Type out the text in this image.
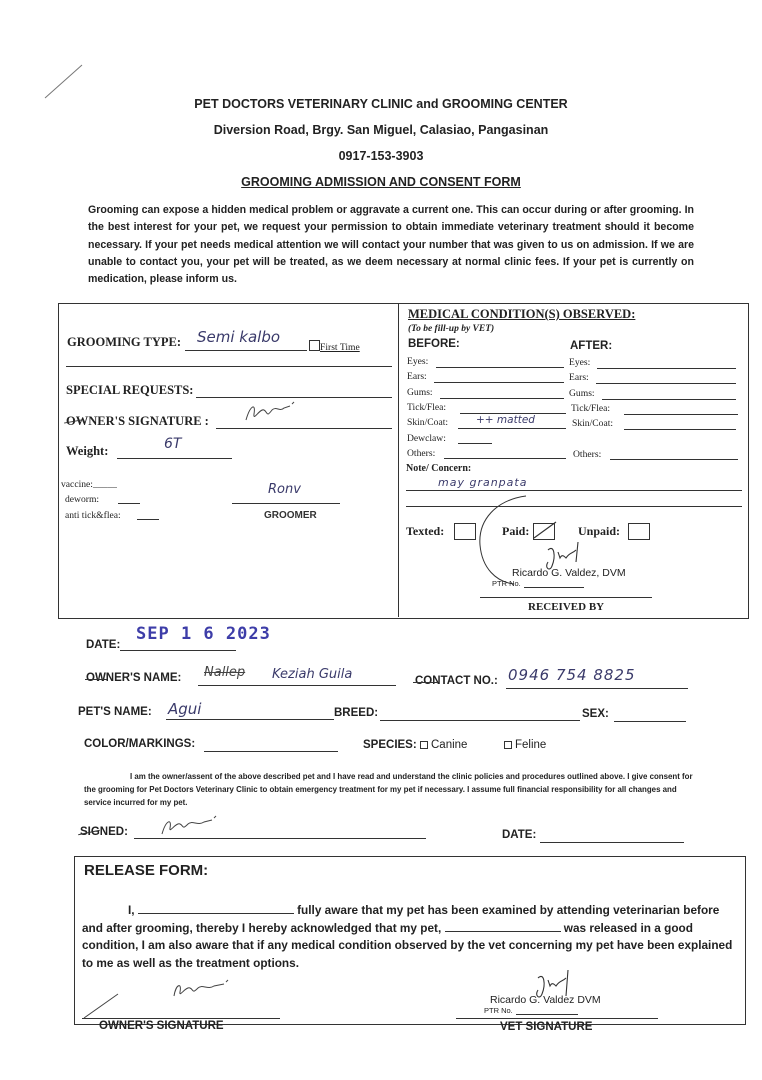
PET DOCTORS VETERINARY CLINIC and GROOMING CENTER
Diversion Road, Brgy. San Miguel, Calasiao, Pangasinan
0917-153-3903
GROOMING ADMISSION AND CONSENT FORM
Grooming can expose a hidden medical problem or aggravate a current one. This can occur during or after grooming. In the best interest for your pet, we request your permission to obtain immediate veterinary treatment should it become necessary. If your pet needs medical attention we will contact your number that was given to us on admission. If we are unable to contact you, your pet will be treated, as we deem necessary at normal clinic fees. If your pet is currently on medication, please inform us.
GROOMING TYPE: Semi kalbo
First Time
SPECIAL REQUESTS:
OWNER'S SIGNATURE :
Weight:	6T
vaccine:_____
deworm:
anti tick&flea:
Ronv
GROOMER
MEDICAL CONDITION(S) OBSERVED:
(To be fill-up by VET)
BEFORE:	AFTER:
Eyes:	Eyes:
Ears:	Ears:
Gums:	Gums:
Tick/Flea:	Tick/Flea:
Skin/Coat:	++ matted	Skin/Coat:
Dewclaw:
Others:	Others:
Note/ Concern:
may granpata
Texted:	Paid:	Unpaid:
Ricardo G. Valdez, DVM
PTR No.
RECEIVED BY
DATE:
SEP 1 6 2023
OWNER'S NAME: Nallep Keziah Guila	CONTACT NO.: 0946 754 8825
PET'S NAME: Agui	BREED:	SEX:
COLOR/MARKINGS:	SPECIES:	Canine	Feline
I am the owner/assent of the above described pet and I have read and understand the clinic policies and procedures outlined above. I give consent for the grooming for Pet Doctors Veterinary Clinic to obtain emergency treatment for my pet if necessary. I assume full financial responsibility for all changes and service incurred for my pet.
SIGNED:	DATE:
RELEASE FORM:
I,	fully aware that my pet has been examined by attending veterinarian before and after grooming, thereby I hereby acknowledged that my pet,	was released in a good condition, I am also aware that if any medical condition observed by the vet concerning my pet have been explained to me as well as the treatment options.
OWNER'S SIGNATURE
Ricardo G. Valdez DVM
PTR No.
VET SIGNATURE
